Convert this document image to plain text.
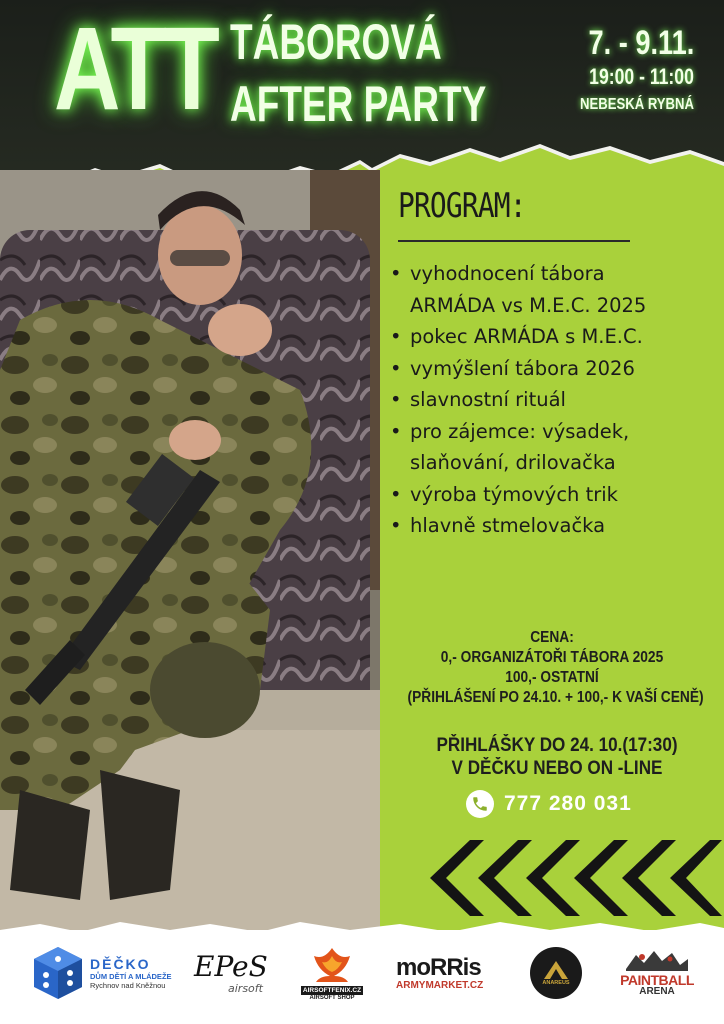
ATT TÁBOROVÁ
AFTER PARTY
7. - 9.11.
19:00 - 11:00
NEBESKÁ RYBNÁ
PROGRAM:
• vyhodnocení tábora
ARMÁDA vs M.E.C. 2025
• pokec ARMÁDA s M.E.C.
• vymýšlení tábora 2026
• slavnostní rituál
• pro zájemce: výsadek,
slaňování, drilovačka
• výroba týmových trik
• hlavně stmelovačka
CENA:
0,- ORGANIZÁTOŘI TÁBORA 2025
100,- OSTATNÍ
(PŘIHLÁŠENÍ PO 24.10. + 100,- K VAŠÍ CENĚ)
PŘIHLÁŠKY DO 24. 10.(17:30)
V DĚČKU NEBO ON -LINE
777 280 031
DĚČKO
DŮM DĚTÍ A MLÁDEŽE
Rychnov nad Kněžnou
EPeS
airsoft	AIRSOFTFENIX.CZ
AIRSOFT SHOP
moRRis
ARMYMARKET.CZ	ANAREUS	PAINTBALL
ARENA
